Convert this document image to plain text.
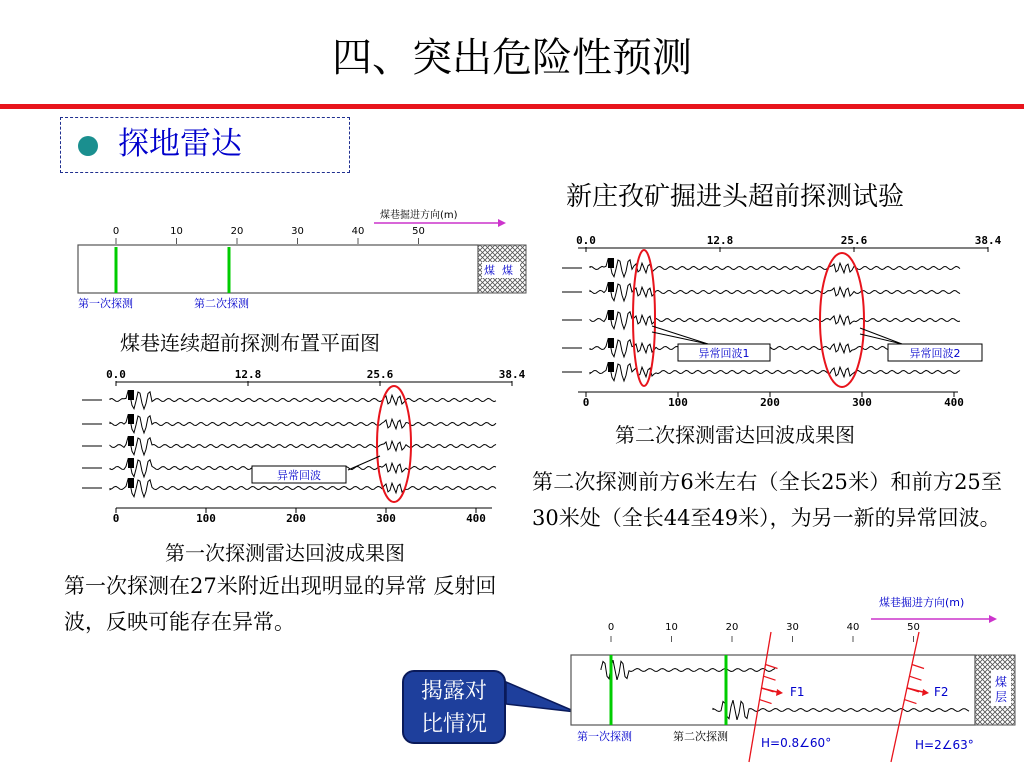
四、突出危险性预测
探地雷达
新庄孜矿掘进头超前探测试验
煤巷掘进方向(m)
0	10	20	30	40	50
煤 煤
第一次探测	第二次探测
煤巷连续超前探测布置平面图
0.0	12.8	25.6	38.4
0	100	200	300	400
异常回波
第一次探测雷达回波成果图
0.0	12.8	25.6	38.4
0	100	200	300	400
异常回波1	异常回波2
第二次探测雷达回波成果图
第二次探测前方6米左右（全长25米）和前方25至30米处（全长44至49米），为另一新的异常回波。
第一次探测在27米附近出现明显的异常 反射回波，反映可能存在异常。
揭露对
比情况
煤巷掘进方向(m)
0	10	20	30	40	50
煤
层
F1	F2
第一次探测	第二次探测	H=0.8∠60°	H=2∠63°
